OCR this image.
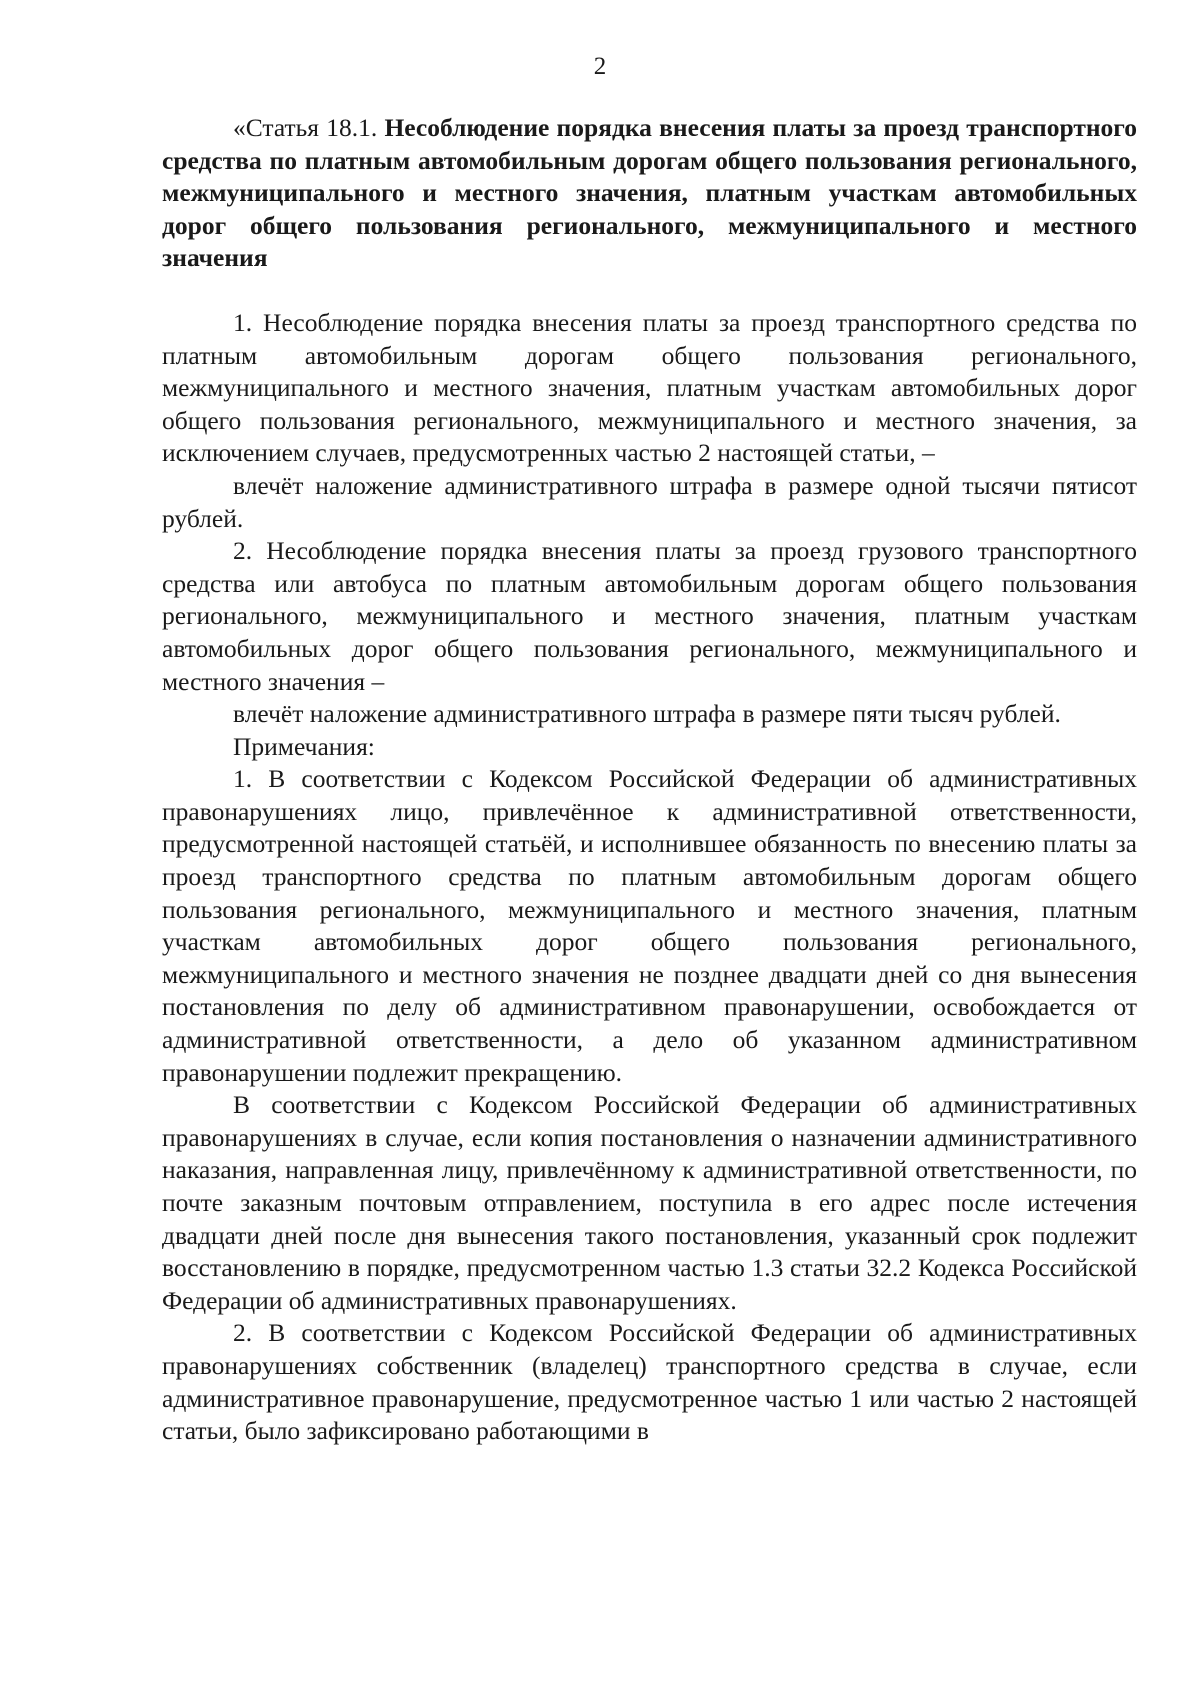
2

«Статья 18.1. Несоблюдение порядка внесения платы за проезд транспортного средства по платным автомобильным дорогам общего пользования регионального, межмуниципального и местного значения, платным участкам автомобильных дорог общего пользования регионального, межмуниципального и местного значения

1. Несоблюдение порядка внесения платы за проезд транспортного средства по платным автомобильным дорогам общего пользования регионального, межмуниципального и местного значения, платным участкам автомобильных дорог общего пользования регионального, межмуниципального и местного значения, за исключением случаев, предусмотренных частью 2 настоящей статьи, –

влечёт наложение административного штрафа в размере одной тысячи пятисот рублей.

2. Несоблюдение порядка внесения платы за проезд грузового транспортного средства или автобуса по платным автомобильным дорогам общего пользования регионального, межмуниципального и местного значения, платным участкам автомобильных дорог общего пользования регионального, межмуниципального и местного значения –

влечёт наложение административного штрафа в размере пяти тысяч рублей.

Примечания:

1. В соответствии с Кодексом Российской Федерации об административных правонарушениях лицо, привлечённое к административной ответственности, предусмотренной настоящей статьёй, и исполнившее обязанность по внесению платы за проезд транспортного средства по платным автомобильным дорогам общего пользования регионального, межмуниципального и местного значения, платным участкам автомобильных дорог общего пользования регионального, межмуниципального и местного значения не позднее двадцати дней со дня вынесения постановления по делу об административном правонарушении, освобождается от административной ответственности, а дело об указанном административном правонарушении подлежит прекращению.

В соответствии с Кодексом Российской Федерации об административных правонарушениях в случае, если копия постановления о назначении административного наказания, направленная лицу, привлечённому к административной ответственности, по почте заказным почтовым отправлением, поступила в его адрес после истечения двадцати дней после дня вынесения такого постановления, указанный срок подлежит восстановлению в порядке, предусмотренном частью 1.3 статьи 32.2 Кодекса Российской Федерации об административных правонарушениях.

2. В соответствии с Кодексом Российской Федерации об административных правонарушениях собственник (владелец) транспортного средства в случае, если административное правонарушение, предусмотренное частью 1 или частью 2 настоящей статьи, было зафиксировано работающими в
